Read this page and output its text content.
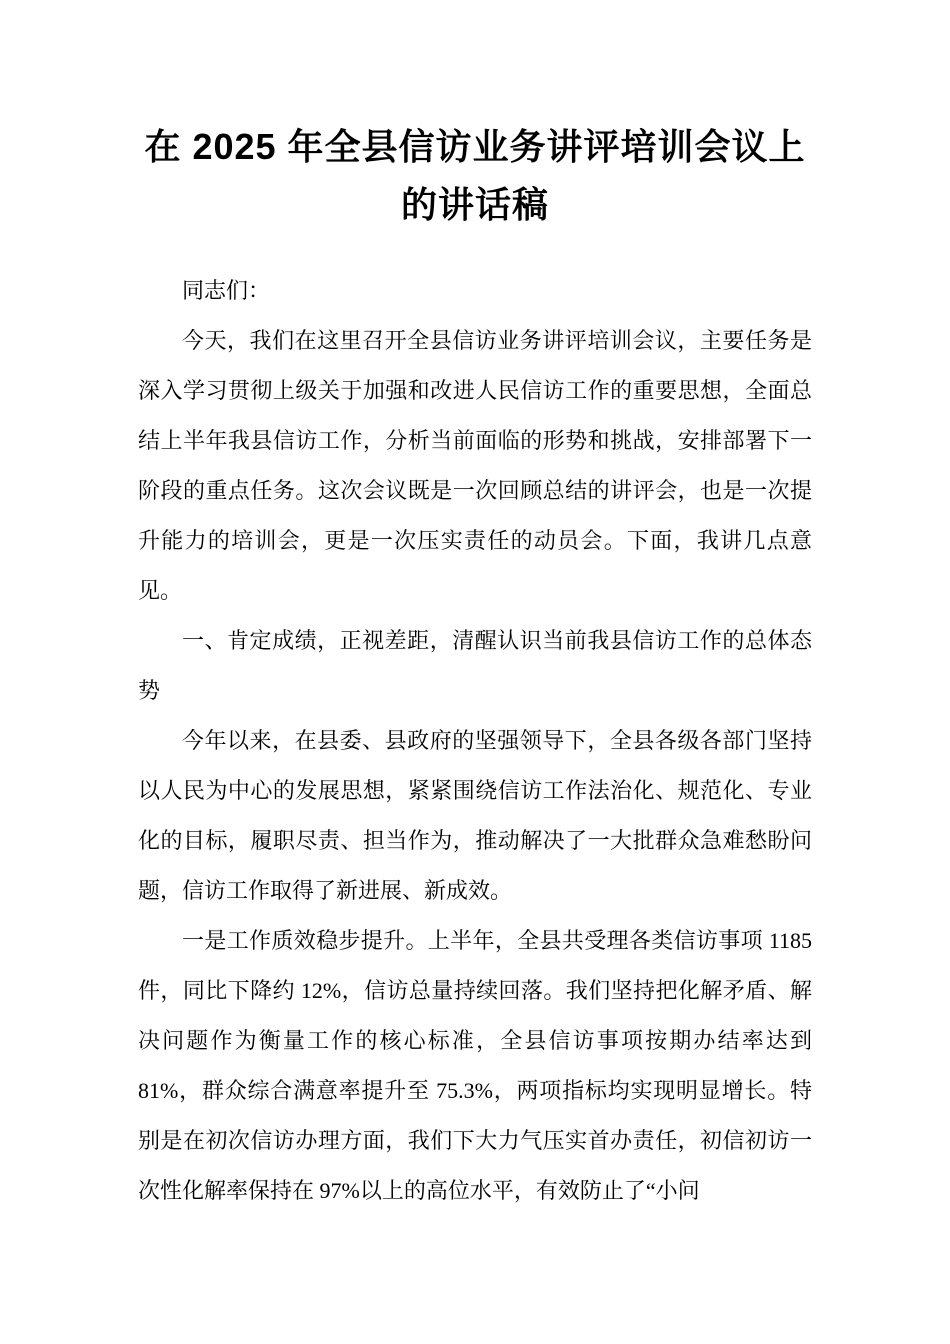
在 2025 年全县信访业务讲评培训会议上的讲话稿

同志们：

今天，我们在这里召开全县信访业务讲评培训会议，主要任务是深入学习贯彻上级关于加强和改进人民信访工作的重要思想，全面总结上半年我县信访工作，分析当前面临的形势和挑战，安排部署下一阶段的重点任务。这次会议既是一次回顾总结的讲评会，也是一次提升能力的培训会，更是一次压实责任的动员会。下面，我讲几点意见。

一、肯定成绩，正视差距，清醒认识当前我县信访工作的总体态势

今年以来，在县委、县政府的坚强领导下，全县各级各部门坚持以人民为中心的发展思想，紧紧围绕信访工作法治化、规范化、专业化的目标，履职尽责、担当作为，推动解决了一大批群众急难愁盼问题，信访工作取得了新进展、新成效。

一是工作质效稳步提升。上半年，全县共受理各类信访事项 1185 件，同比下降约 12%，信访总量持续回落。我们坚持把化解矛盾、解决问题作为衡量工作的核心标准，全县信访事项按期办结率达到 81%，群众综合满意率提升至 75.3%，两项指标均实现明显增长。特别是在初次信访办理方面，我们下大力气压实首办责任，初信初访一次性化解率保持在 97%以上的高位水平，有效防止了“小问
